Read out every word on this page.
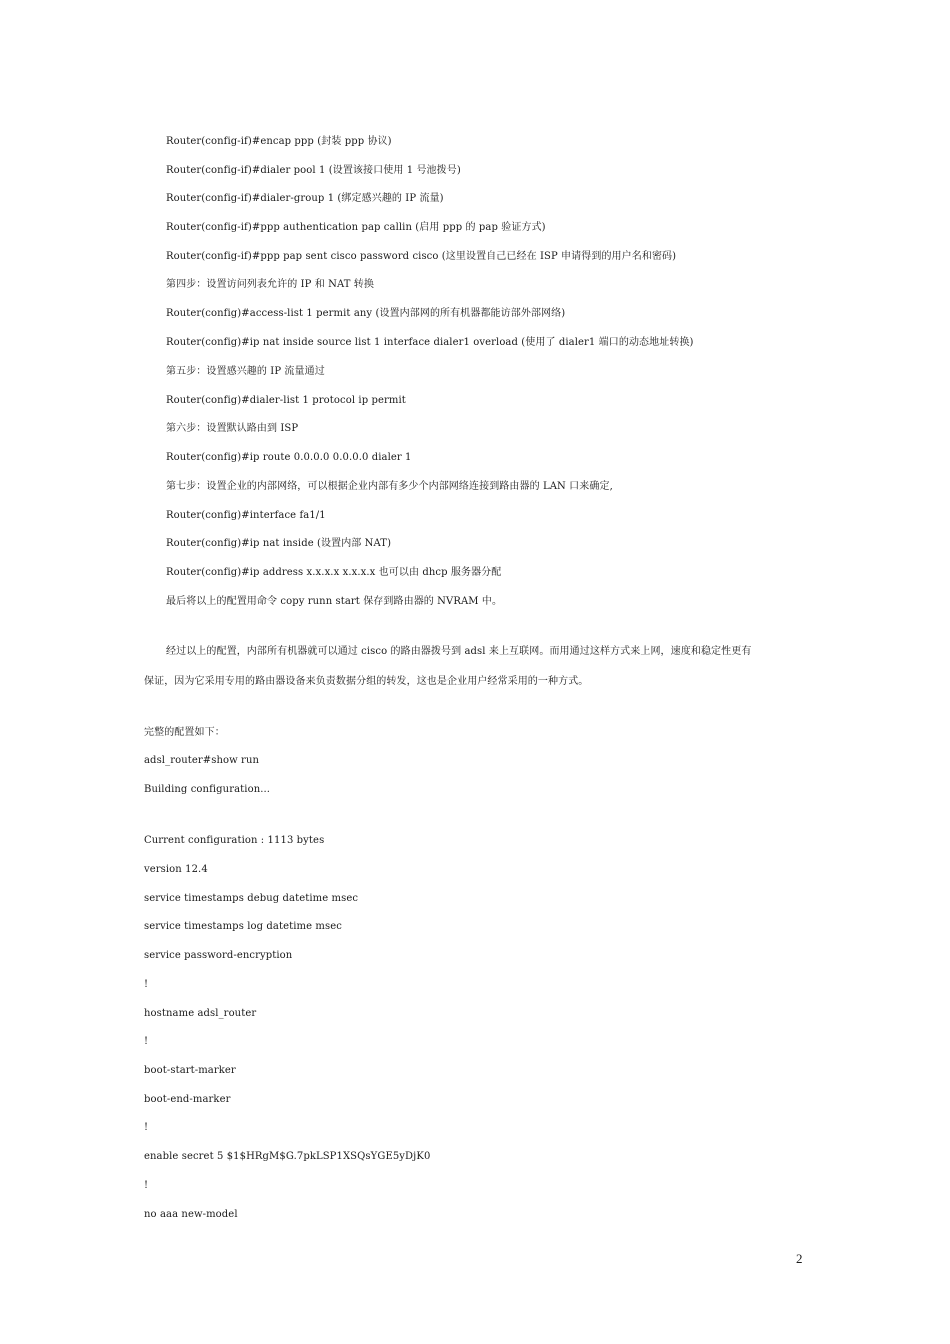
Router(config-if)#encap ppp (封装 ppp 协议)
Router(config-if)#dialer pool 1 (设置该接口使用 1 号池拨号)
Router(config-if)#dialer-group 1 (绑定感兴趣的 IP 流量)
Router(config-if)#ppp authentication pap callin (启用 ppp 的 pap 验证方式)
Router(config-if)#ppp pap sent cisco password cisco (这里设置自己已经在 ISP 申请得到的用户名和密码)
第四步：设置访问列表允许的 IP 和 NAT 转换
Router(config)#access-list 1 permit any (设置内部网的所有机器都能访部外部网络)
Router(config)#ip nat inside source list 1 interface dialer1 overload (使用了 dialer1 端口的动态地址转换)
第五步：设置感兴趣的 IP 流量通过
Router(config)#dialer-list 1 protocol ip permit
第六步：设置默认路由到 ISP
Router(config)#ip route 0.0.0.0 0.0.0.0 dialer 1
第七步：设置企业的内部网络，可以根据企业内部有多少个内部网络连接到路由器的 LAN 口来确定,
Router(config)#interface fa1/1
Router(config)#ip nat inside (设置内部 NAT)
Router(config)#ip address x.x.x.x x.x.x.x 也可以由 dhcp 服务器分配
最后将以上的配置用命令 copy runn start 保存到路由器的 NVRAM 中。
经过以上的配置，内部所有机器就可以通过 cisco 的路由器拨号到 adsl 来上互联网。而用通过这样方式来上网，速度和稳定性更有
保证，因为它采用专用的路由器设备来负责数据分组的转发，这也是企业用户经常采用的一种方式。
完整的配置如下：
adsl_router#show run
Building configuration...
Current configuration : 1113 bytes
version 12.4
service timestamps debug datetime msec
service timestamps log datetime msec
service password-encryption
!
hostname adsl_router
!
boot-start-marker
boot-end-marker
!
enable secret 5 $1$HRgM$G.7pkLSP1XSQsYGE5yDjK0
!
no aaa new-model
2
